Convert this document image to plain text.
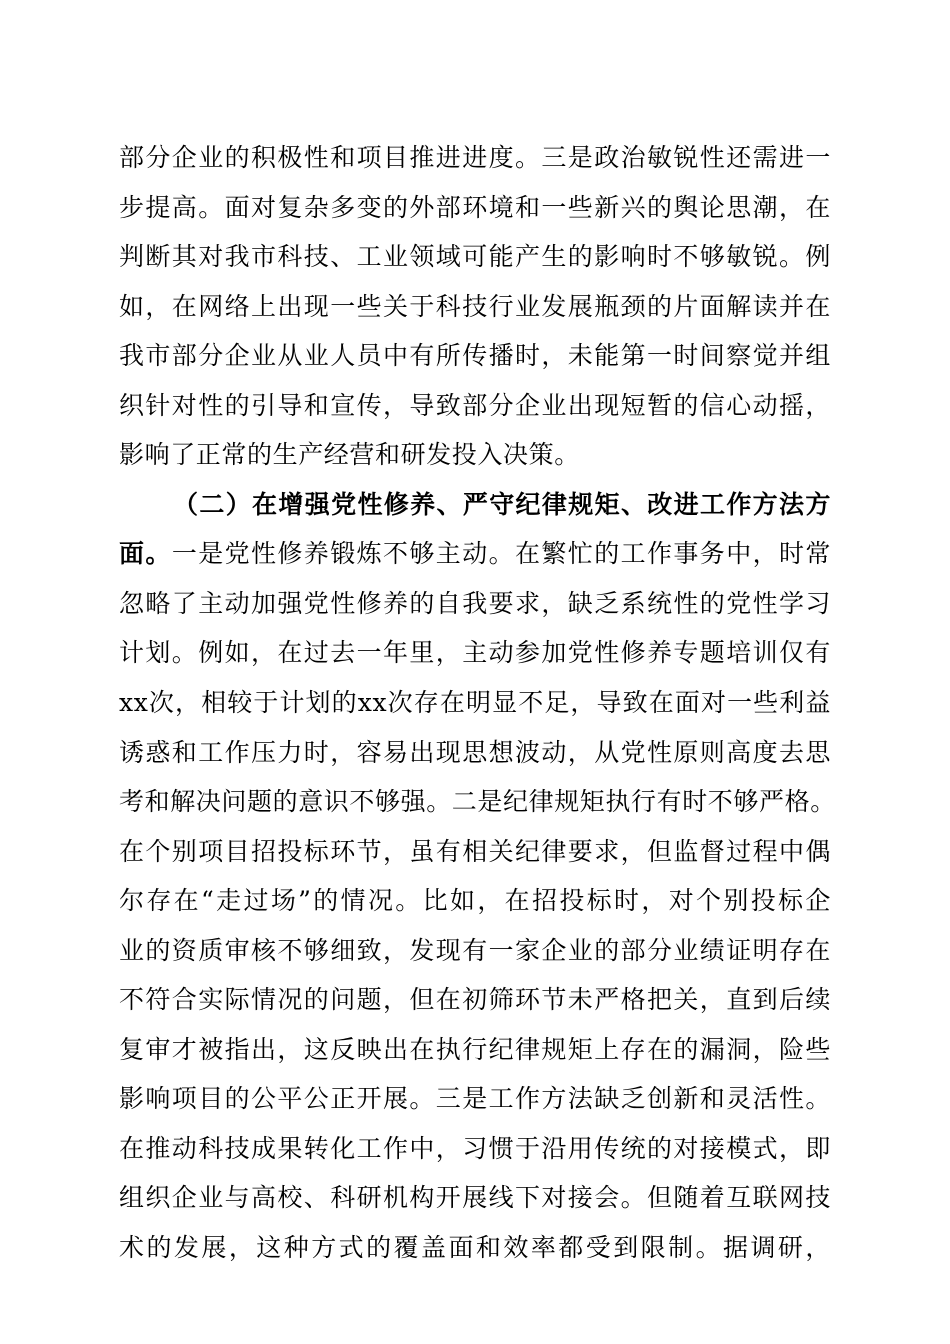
部分企业的积极性和项目推进进度。三是政治敏锐性还需进一
步提高。面对复杂多变的外部环境和一些新兴的舆论思潮，在
判断其对我市科技、工业领域可能产生的影响时不够敏锐。例
如，在网络上出现一些关于科技行业发展瓶颈的片面解读并在
我市部分企业从业人员中有所传播时，未能第一时间察觉并组
织针对性的引导和宣传，导致部分企业出现短暂的信心动摇，
影响了正常的生产经营和研发投入决策。
（二）在增强党性修养、严守纪律规矩、改进工作方法方
面。一是党性修养锻炼不够主动。在繁忙的工作事务中，时常
忽略了主动加强党性修养的自我要求，缺乏系统性的党性学习
计划。例如，在过去一年里，主动参加党性修养专题培训仅有
xx次，相较于计划的xx次存在明显不足，导致在面对一些利益
诱惑和工作压力时，容易出现思想波动，从党性原则高度去思
考和解决问题的意识不够强。二是纪律规矩执行有时不够严格。
在个别项目招投标环节，虽有相关纪律要求，但监督过程中偶
尔存在“走过场”的情况。比如，在招投标时，对个别投标企
业的资质审核不够细致，发现有一家企业的部分业绩证明存在
不符合实际情况的问题，但在初筛环节未严格把关，直到后续
复审才被指出，这反映出在执行纪律规矩上存在的漏洞，险些
影响项目的公平公正开展。三是工作方法缺乏创新和灵活性。
在推动科技成果转化工作中，习惯于沿用传统的对接模式，即
组织企业与高校、科研机构开展线下对接会。但随着互联网技
术的发展，这种方式的覆盖面和效率都受到限制。据调研，
